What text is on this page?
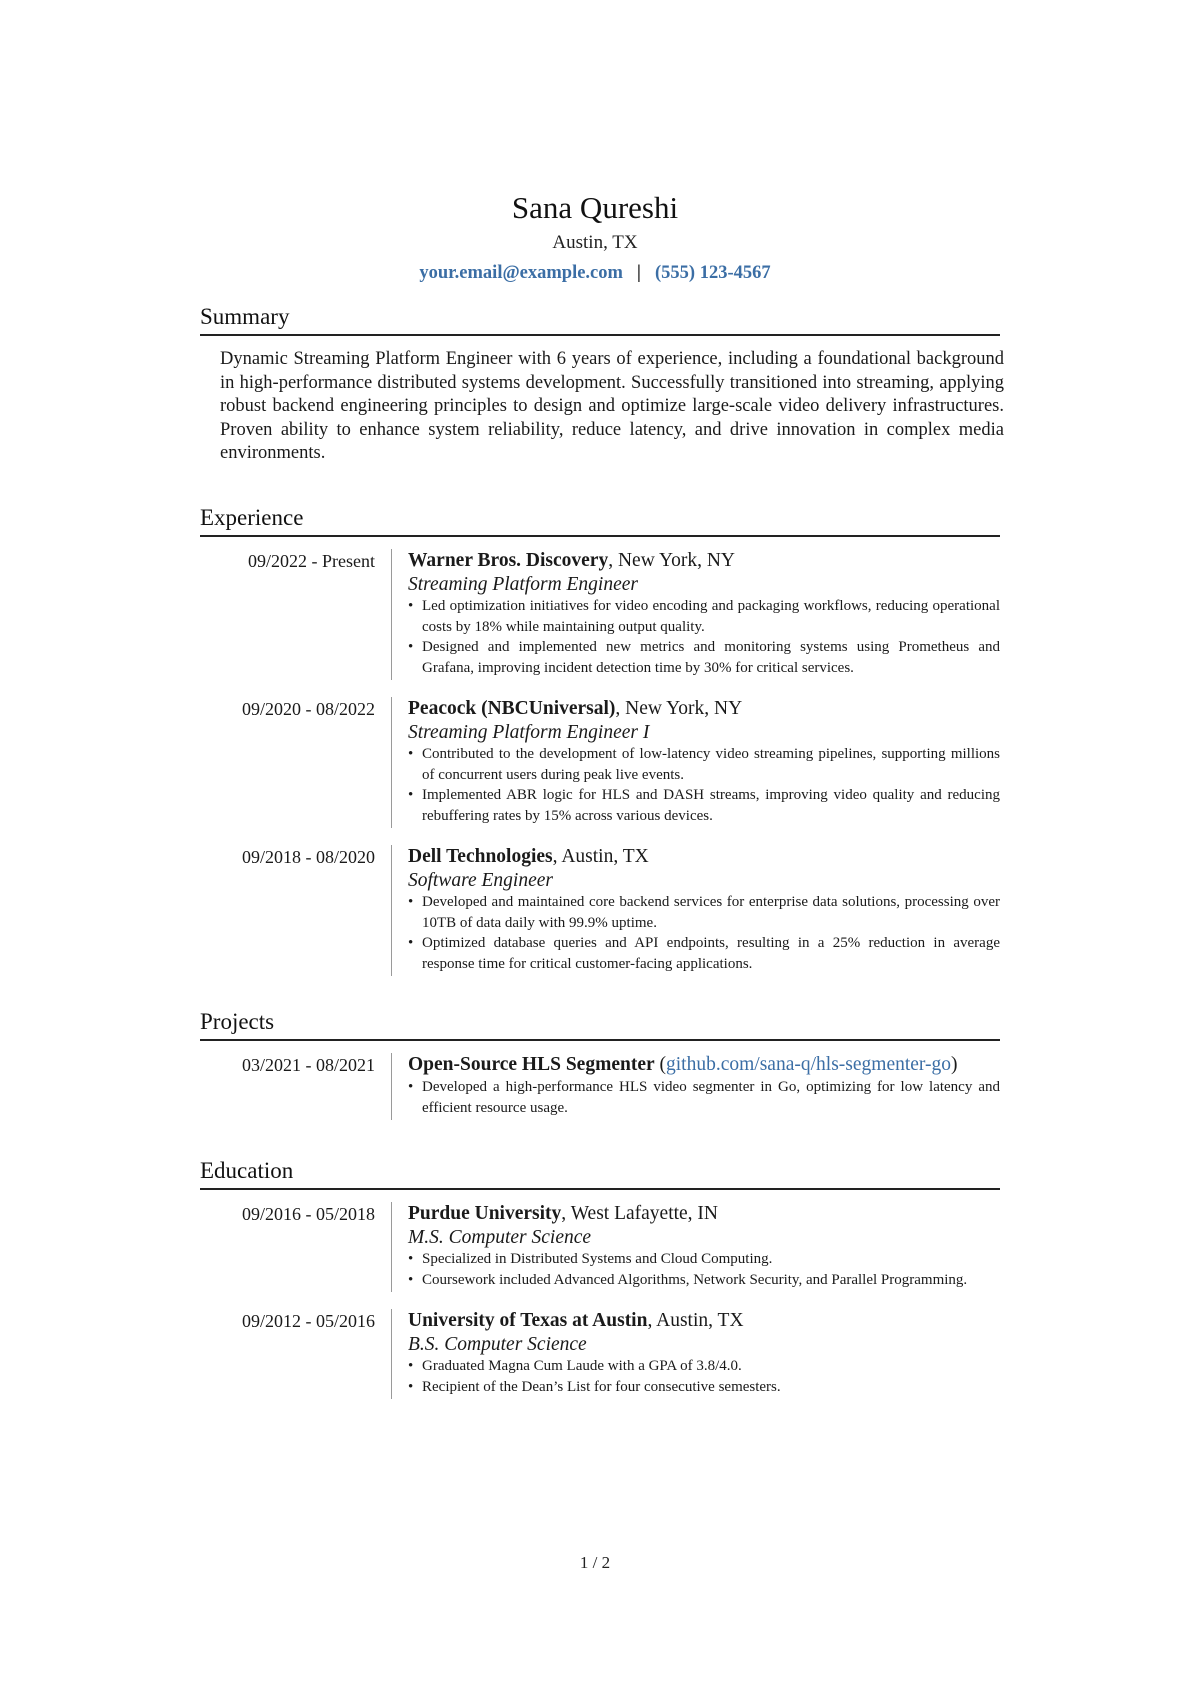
Sana Qureshi
Austin, TX
your.email@example.com | (555) 123-4567
Summary

Dynamic Streaming Platform Engineer with 6 years of experience, including a foundational background in high-performance distributed systems development. Successfully transitioned into streaming, applying robust backend engineering principles to design and optimize large-scale video delivery infrastructures. Proven ability to enhance system reliability, reduce latency, and drive innovation in complex media environments.

Experience
09/2022 - Present	Warner Bros. Discovery, New York, NY
Streaming Platform Engineer
• Led optimization initiatives for video encoding and packaging workflows, reducing operational costs by 18% while maintaining output quality.
• Designed and implemented new metrics and monitoring systems using Prometheus and Grafana, improving incident detection time by 30% for critical services.
09/2020 - 08/2022	Peacock (NBCUniversal), New York, NY
Streaming Platform Engineer I
• Contributed to the development of low-latency video streaming pipelines, supporting millions of concurrent users during peak live events.
• Implemented ABR logic for HLS and DASH streams, improving video quality and reducing rebuffering rates by 15% across various devices.
09/2018 - 08/2020	Dell Technologies, Austin, TX
Software Engineer
• Developed and maintained core backend services for enterprise data solutions, processing over 10TB of data daily with 99.9% uptime.
• Optimized database queries and API endpoints, resulting in a 25% reduction in average response time for critical customer-facing applications.
Projects
03/2021 - 08/2021	Open-Source HLS Segmenter (github.com/sana-q/hls-segmenter-go)
• Developed a high-performance HLS video segmenter in Go, optimizing for low latency and efficient resource usage.
Education
09/2016 - 05/2018	Purdue University, West Lafayette, IN
M.S. Computer Science
• Specialized in Distributed Systems and Cloud Computing.
• Coursework included Advanced Algorithms, Network Security, and Parallel Programming.
09/2012 - 05/2016	University of Texas at Austin, Austin, TX
B.S. Computer Science
• Graduated Magna Cum Laude with a GPA of 3.8/4.0.
• Recipient of the Dean’s List for four consecutive semesters.
1 / 2
